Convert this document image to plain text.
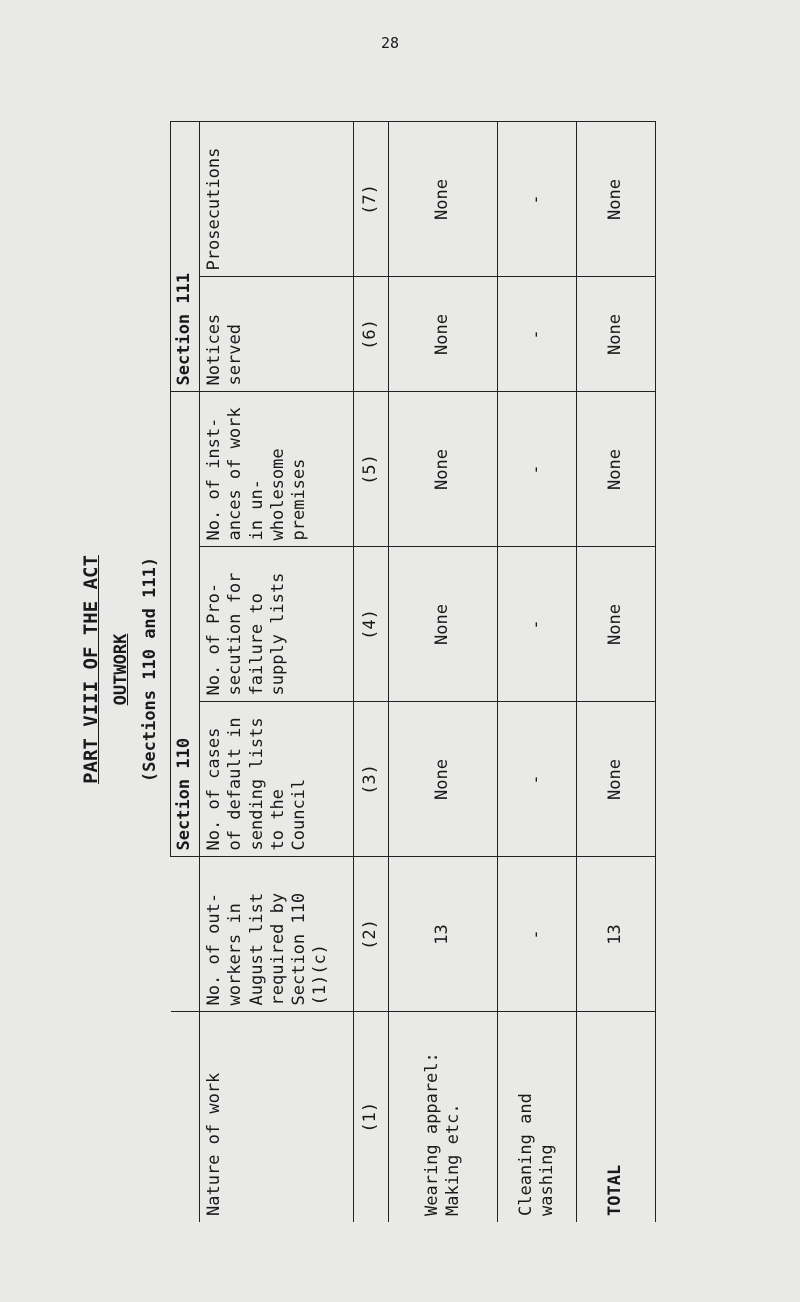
28
PART VIII OF THE ACT OUTWORK (Sections 110 and 111)
		Section 110			Section 111	
Nature of work	No. of out-workers in August list required by Section 110 (1)(c)	No. of cases of default in sending lists to the Council	No. of Pro-secution for failure to supply lists	No. of inst-ances of work in un-wholesome premises	Notices served	Prosecutions
(1)	(2)	(3)	(4)	(5)	(6)	(7)
Wearing apparel: Making etc.	13	None	None	None	None	None
Cleaning and washing	-	-	-	-	-	-
TOTAL	13	None	None	None	None	None
